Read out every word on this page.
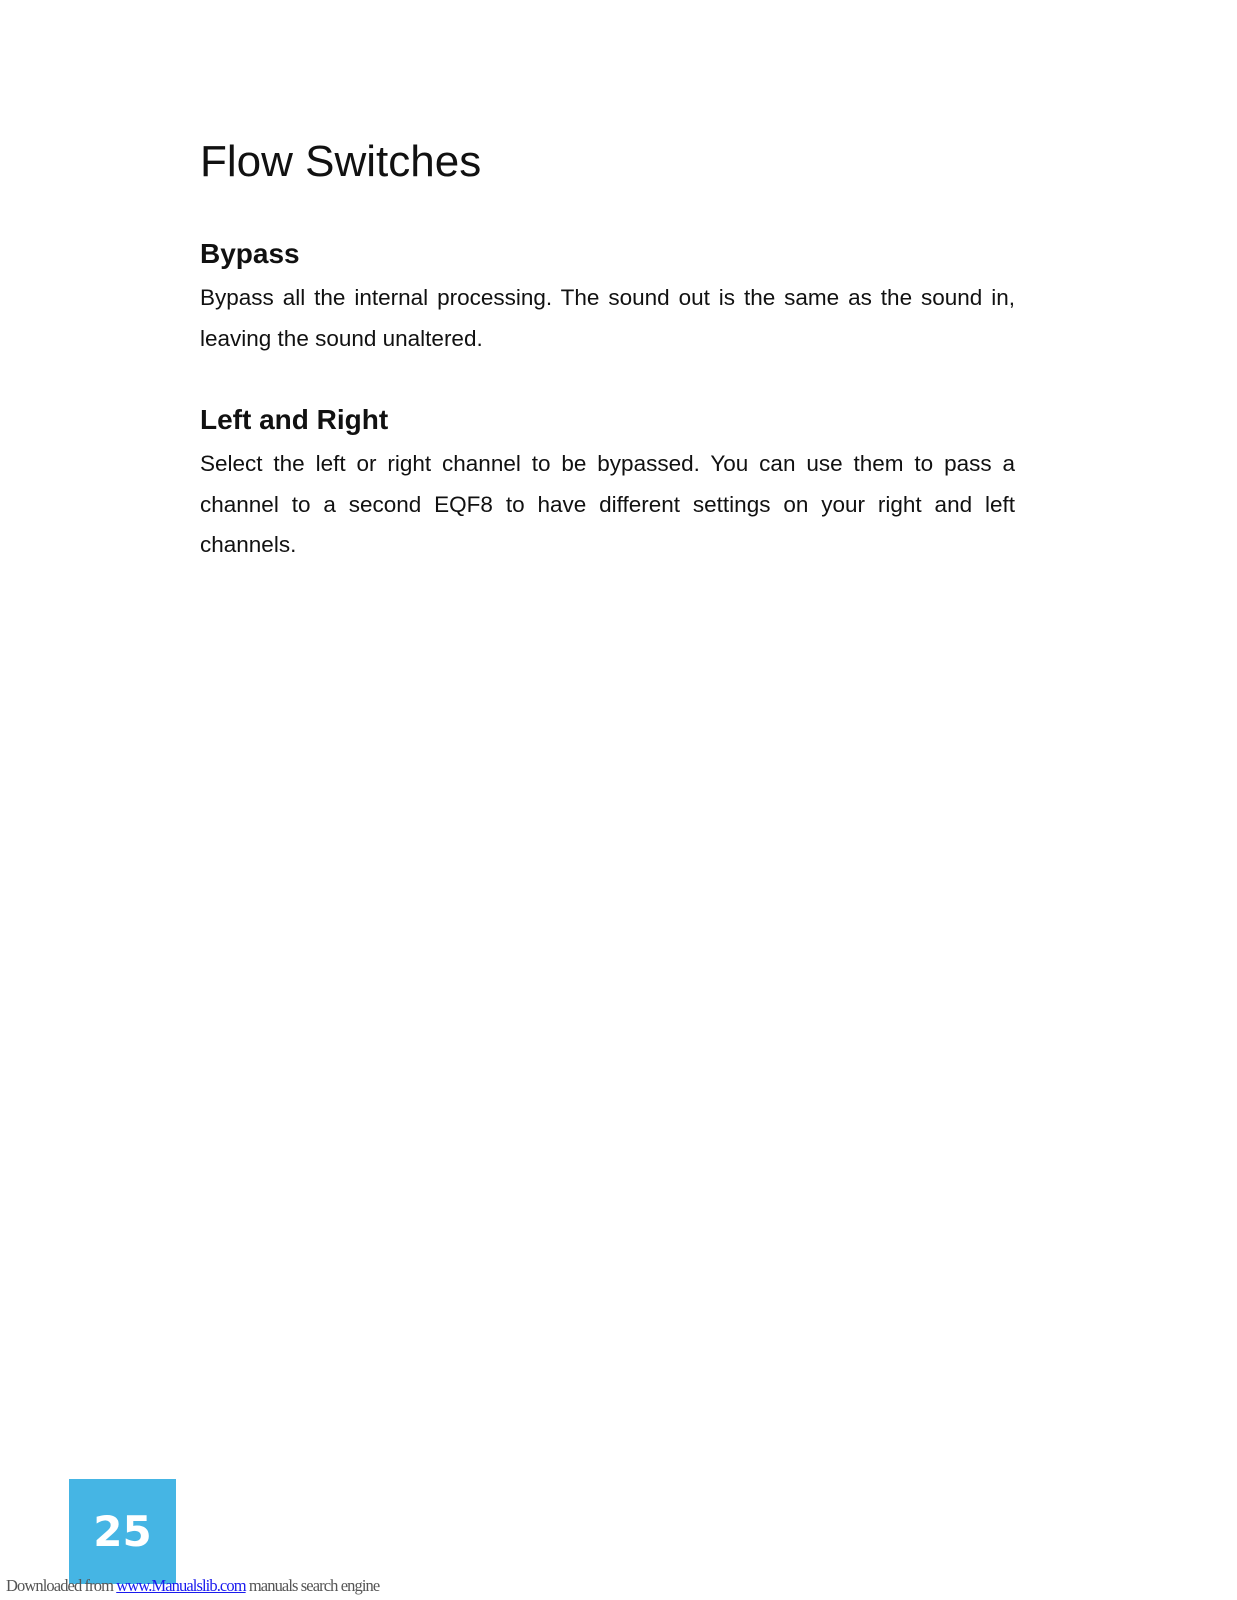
Flow Switches
Bypass

Bypass all the internal processing. The sound out is the same as the sound in, leaving the sound unaltered.

Left and Right

Select the left or right channel to be bypassed. You can use them to pass a channel to a second EQF8 to have different settings on your right and left channels.

25
Downloaded from www.Manualslib.com manuals search engine
